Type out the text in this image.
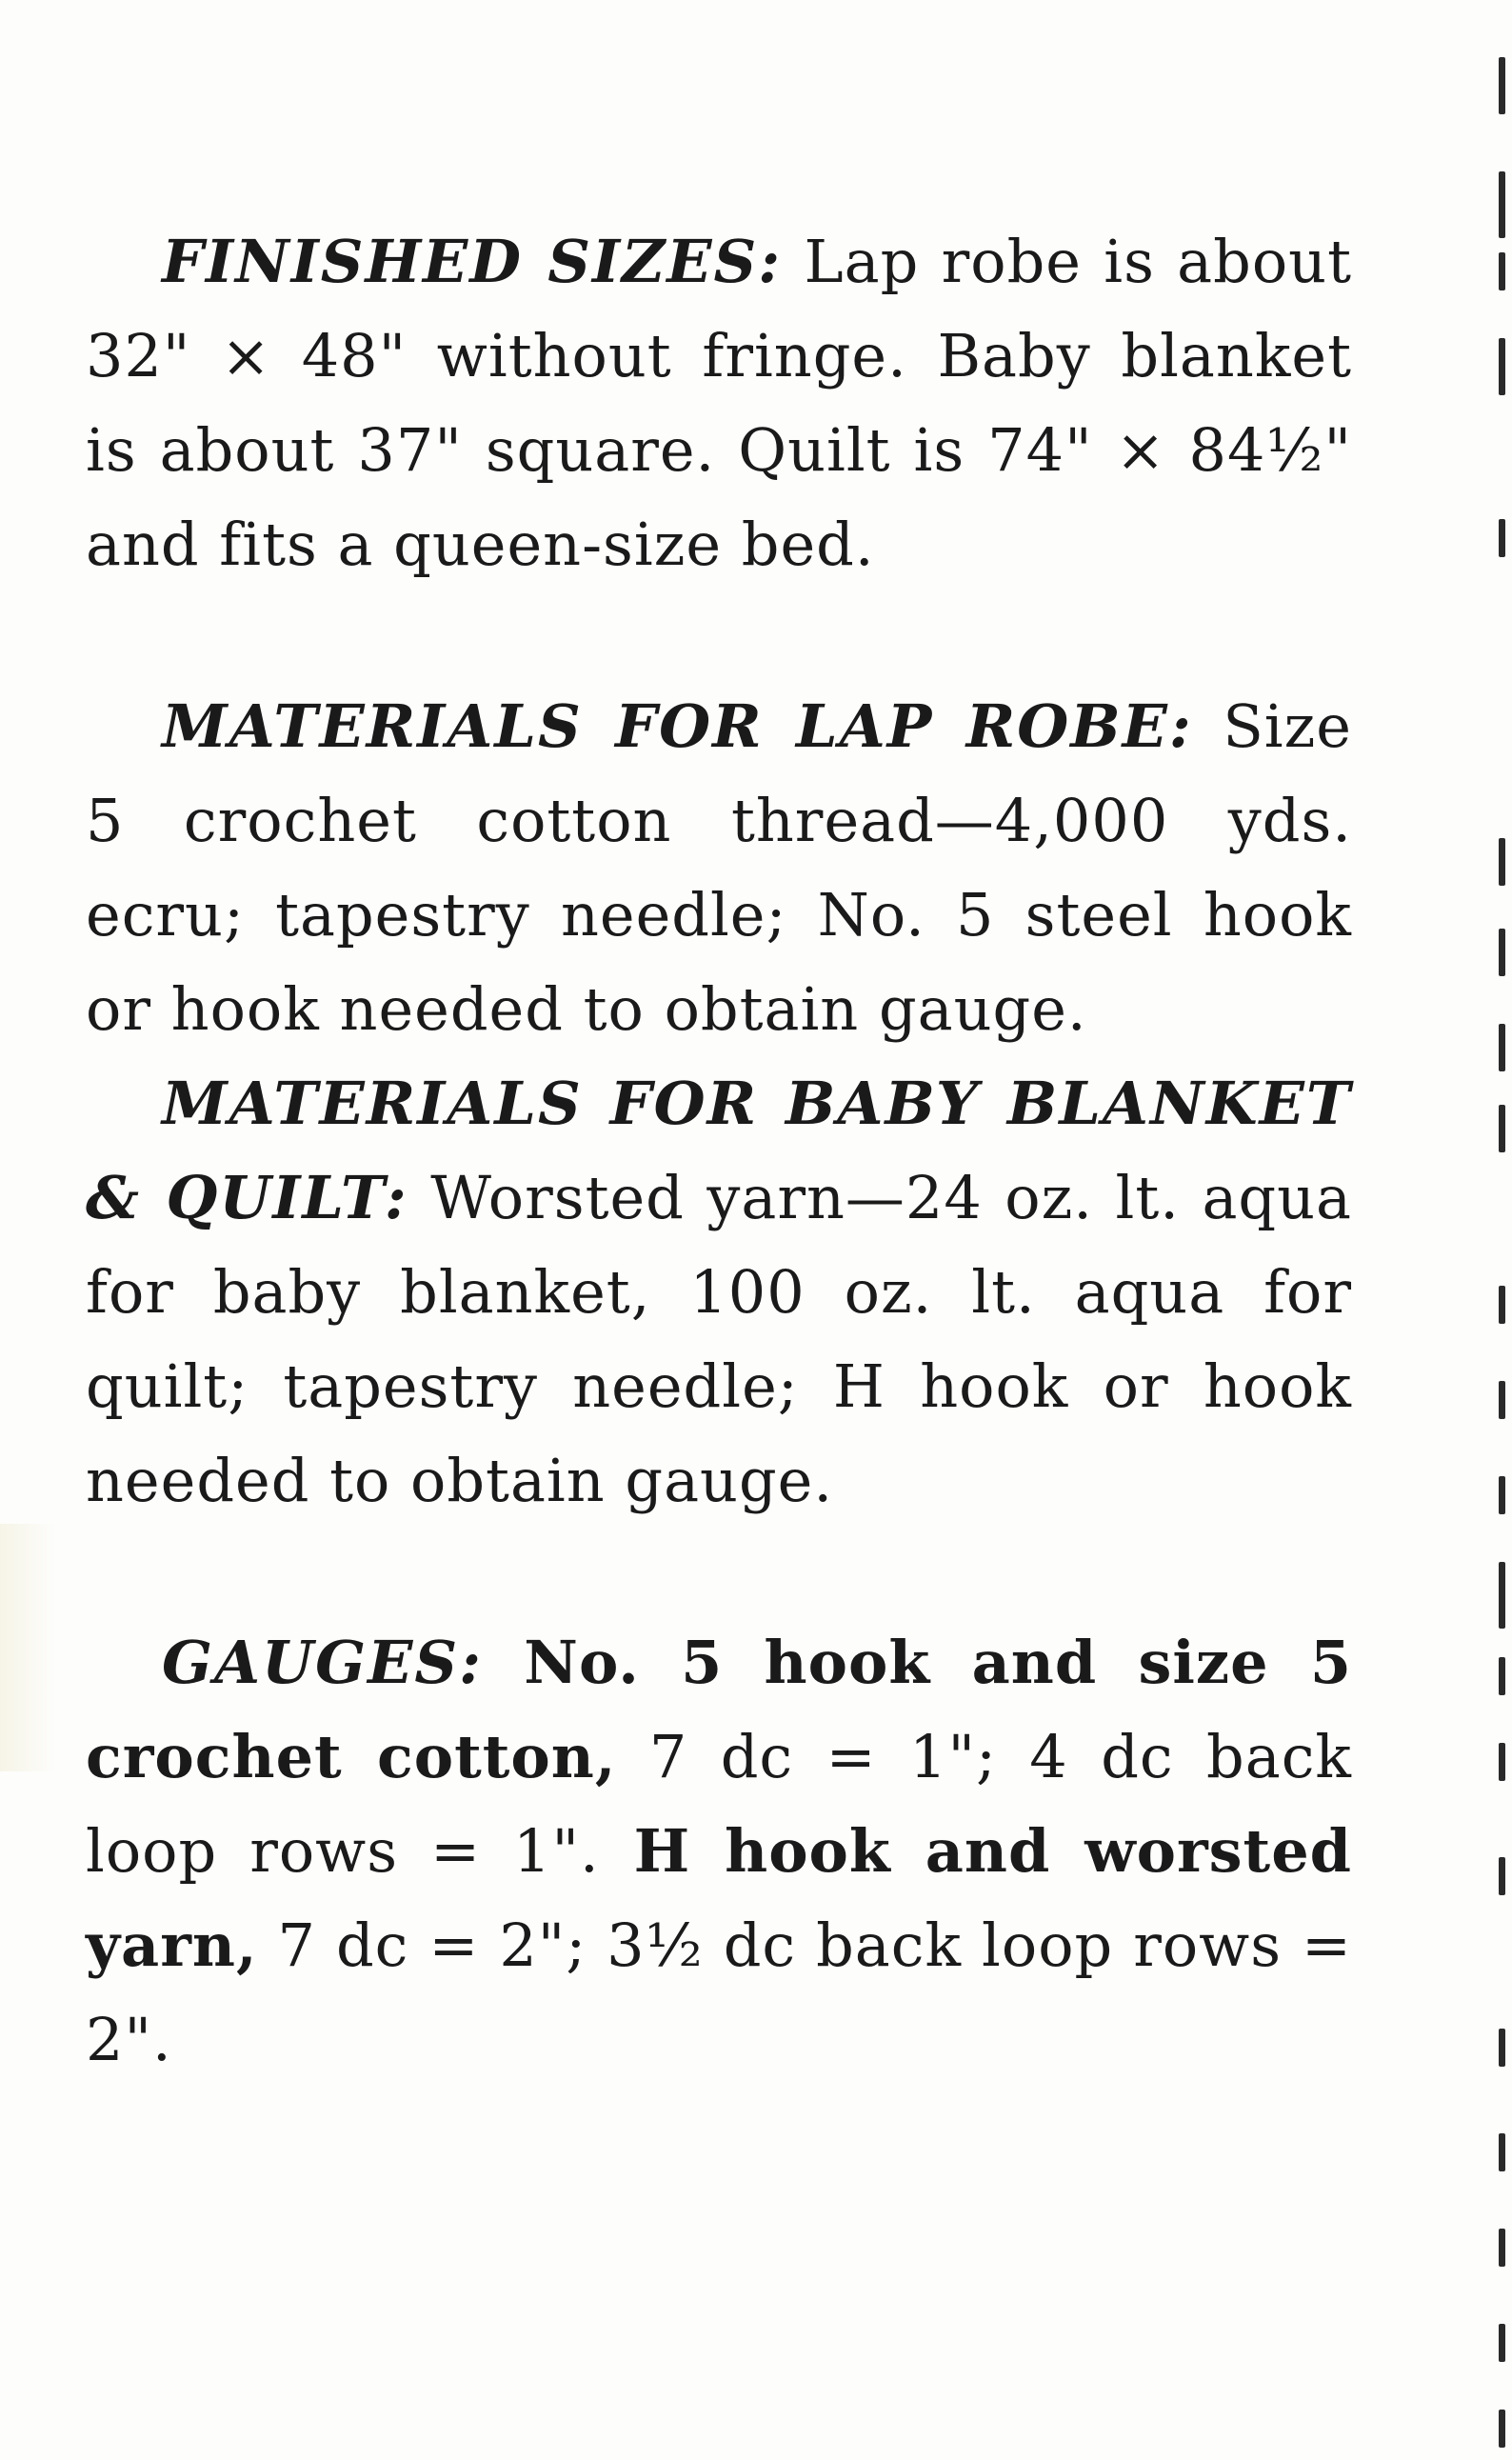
FINISHED SIZES: Lap robe is about 32" × 48" without fringe. Baby blanket is about 37" square. Quilt is 74" × 84½" and fits a queen-size bed.

MATERIALS FOR LAP ROBE: Size 5 crochet cotton thread—4,000 yds. ecru; tapestry needle; No. 5 steel hook or hook needed to obtain gauge.

MATERIALS FOR BABY BLANKET & QUILT: Worsted yarn—24 oz. lt. aqua for baby blanket, 100 oz. lt. aqua for quilt; tapestry needle; H hook or hook needed to obtain gauge.

GAUGES: No. 5 hook and size 5 crochet cotton, 7 dc = 1"; 4 dc back loop rows = 1". H hook and worsted yarn, 7 dc = 2"; 3½ dc back loop rows = 2".
